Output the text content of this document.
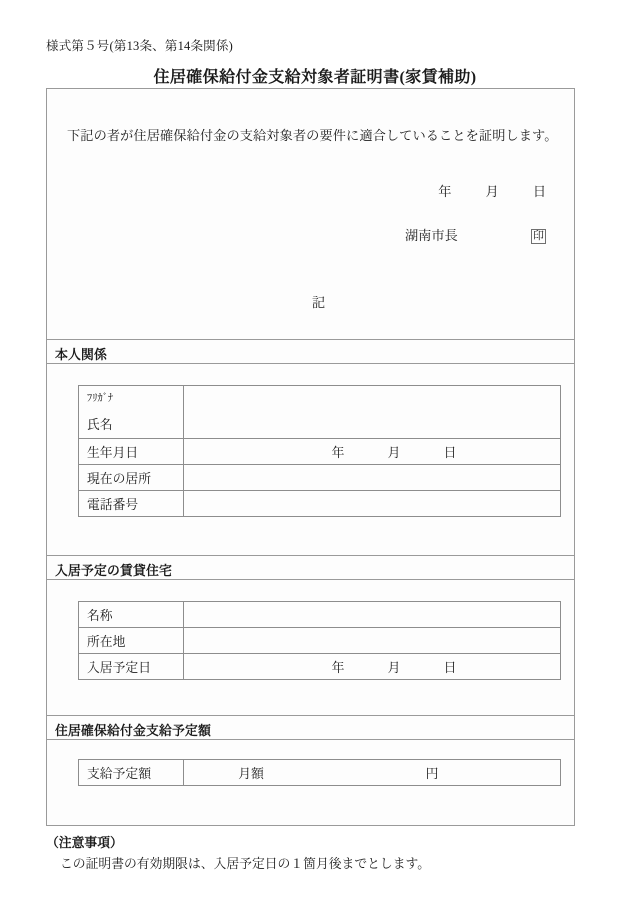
様式第５号(第13条、第14条関係)
住居確保給付金支給対象者証明書(家賃補助)
下記の者が住居確保給付金の支給対象者の要件に適合していることを証明します。
年	月	日
湖南市長	印
記
本人関係
ﾌﾘｶﾞﾅ
氏名	

生年月日	年 月 日
現在の居所	
電話番号	
入居予定の賃貸住宅
名称	
所在地	
入居予定日	年 月 日
住居確保給付金支給予定額
支給予定額	月額	円
（注意事項）
この証明書の有効期限は、入居予定日の１箇月後までとします。
